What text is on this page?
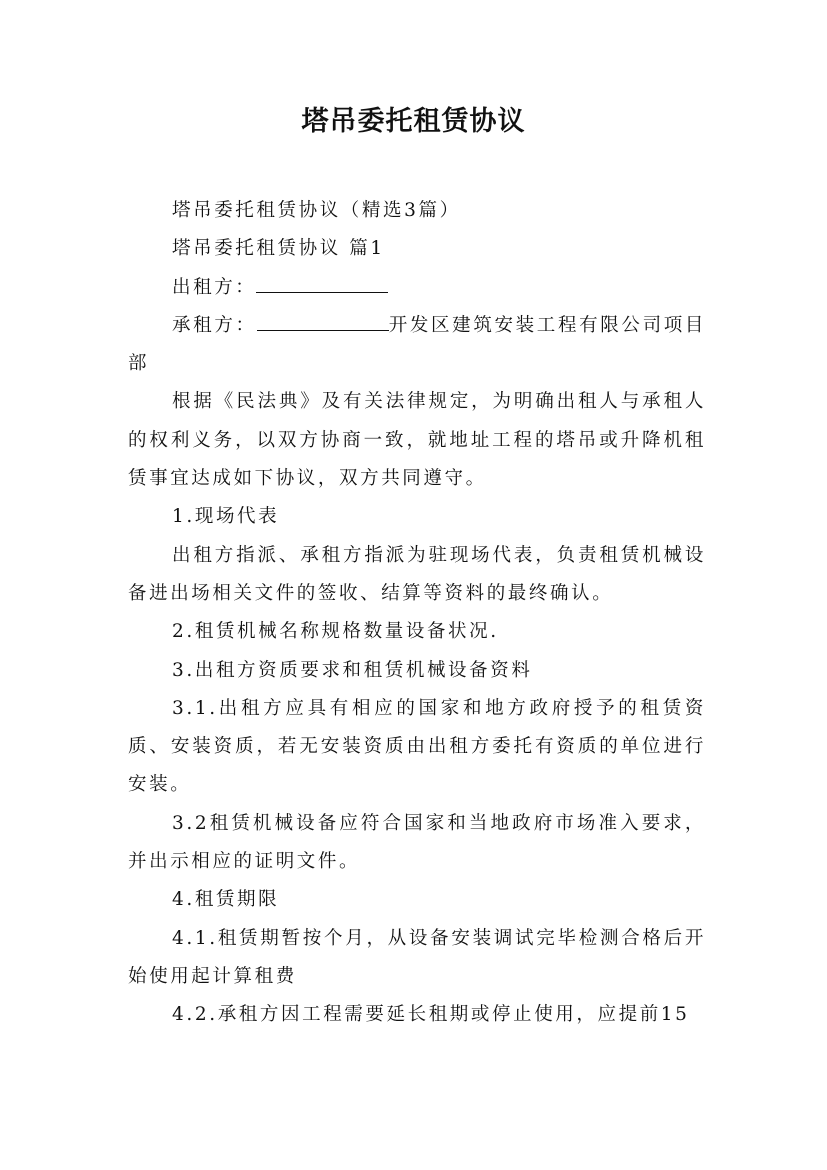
塔吊委托租赁协议

塔吊委托租赁协议（精选3篇）

塔吊委托租赁协议 篇1

出租方：

承租方：	开发区建筑安装工程有限公司项目部

根据《民法典》及有关法律规定，为明确出租人与承租人的权利义务，以双方协商一致，就地址工程的塔吊或升降机租赁事宜达成如下协议，双方共同遵守。

1.现场代表

出租方指派、承租方指派为驻现场代表，负责租赁机械设备进出场相关文件的签收、结算等资料的最终确认。

2.租赁机械名称规格数量设备状况.

3.出租方资质要求和租赁机械设备资料

3.1.出租方应具有相应的国家和地方政府授予的租赁资质、安装资质，若无安装资质由出租方委托有资质的单位进行安装。

3.2租赁机械设备应符合国家和当地政府市场准入要求，并出示相应的证明文件。

4.租赁期限

4.1.租赁期暂按个月，从设备安装调试完毕检测合格后开始使用起计算租费

4.2.承租方因工程需要延长租期或停止使用，应提前15
